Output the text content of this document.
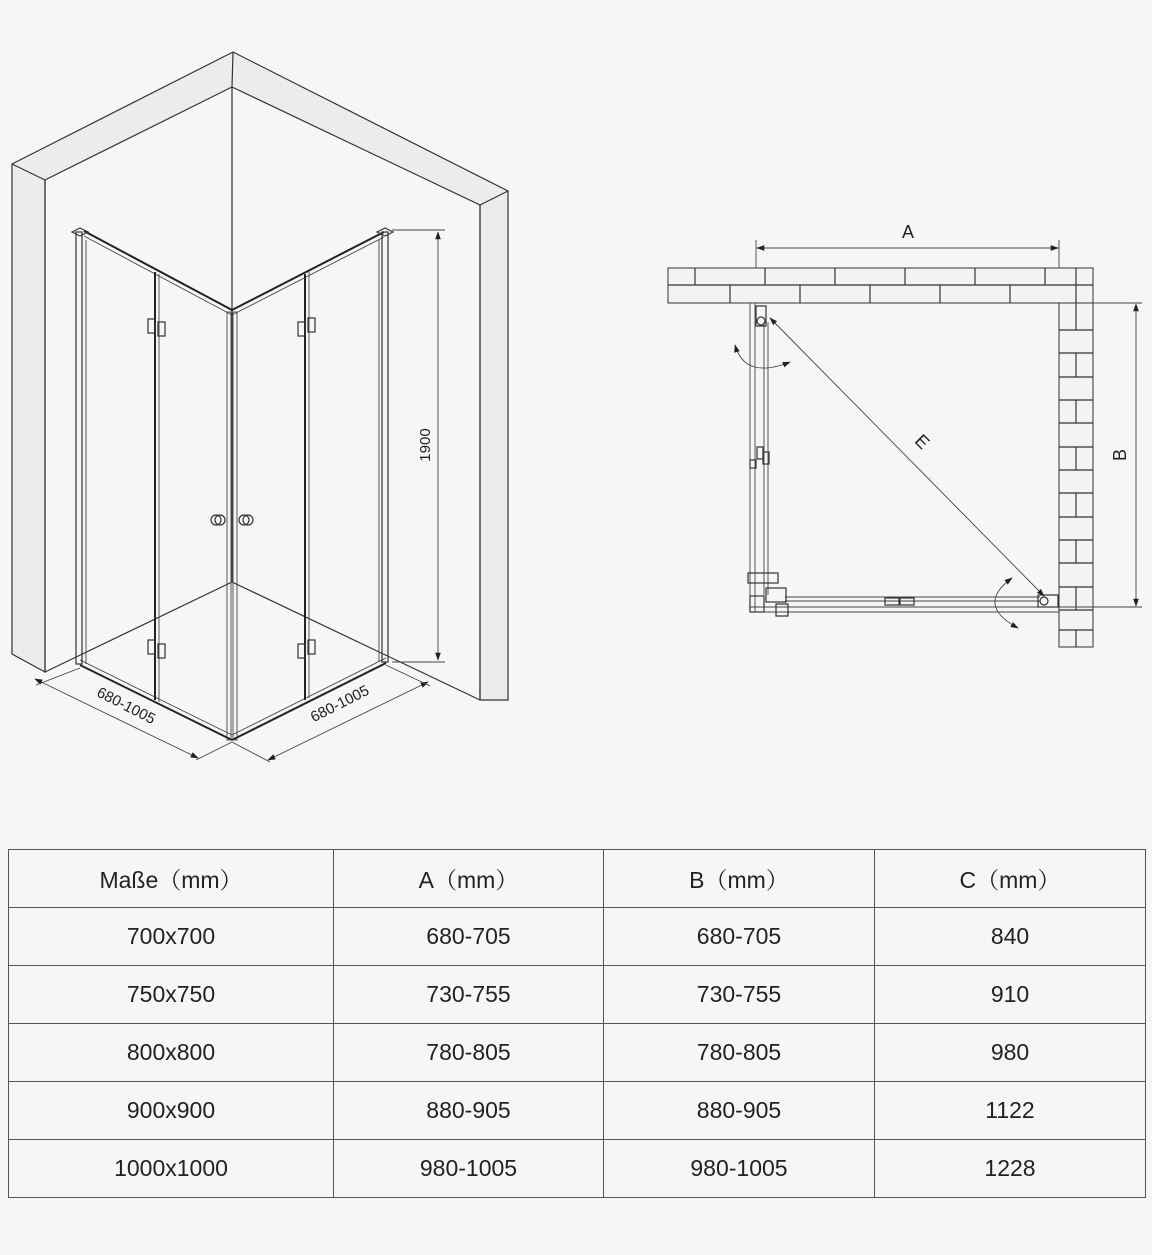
1900
680-1005	680-1005
A
B
E
Maße（mm）	A（mm）	B（mm）	C（mm）
700x700	680-705	680-705	840
750x750	730-755	730-755	910
800x800	780-805	780-805	980
900x900	880-905	880-905	1122
1000x1000	980-1005	980-1005	1228
